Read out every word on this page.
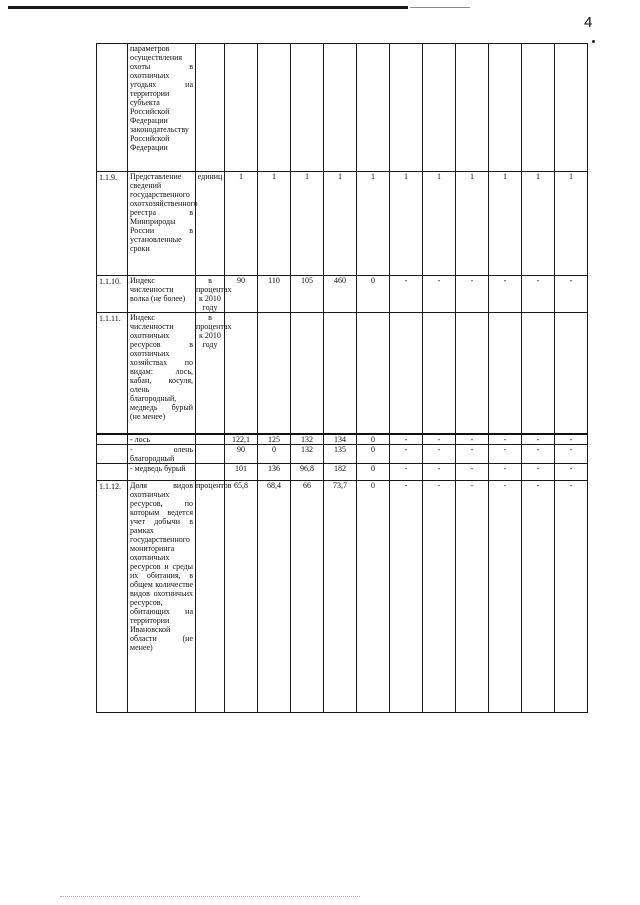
4
	параметров осуществления охоты в охотничьих угодьях на территории субъекта Российской Федерации законодательству Российской Федерации												
1.1.9.	Представление сведений государственного охотхозяйственного реестра в Минприроды России в установленные сроки	единиц	1	1	1	1	1	1	1	1	1	1	1
1.1.10.	Индекс численности волка (не более)	в процентах к 2010 году	90	110	105	460	0	-	-	-	-	-	-
1.1.11.	Индекс численности охотничьих ресурсов в охотничьих хозяйствах по видам: лось, кабан, косуля, олень благородный, медведь бурый (не менее)	в процентах к 2010 году											
	- лось		122,1	125	132	134	0	-	-	-	-	-	-
	- олень благородный		90	0	132	135	0	-	-	-	-	-	-
	- медведь бурый		101	136	96,8	182	0	-	-	-	-	-	-
1.1.12.	Доля видов охотничьих ресурсов, по которым ведется учет добычи в рамках государственного мониторинга охотничьих ресурсов и среды их обитания, в общем количестве видов охотничьих ресурсов, обитающих на территории Ивановской области (не менее)	процентов	65,8	68,4	66	73,7	0	-	-	-	-	-	-
